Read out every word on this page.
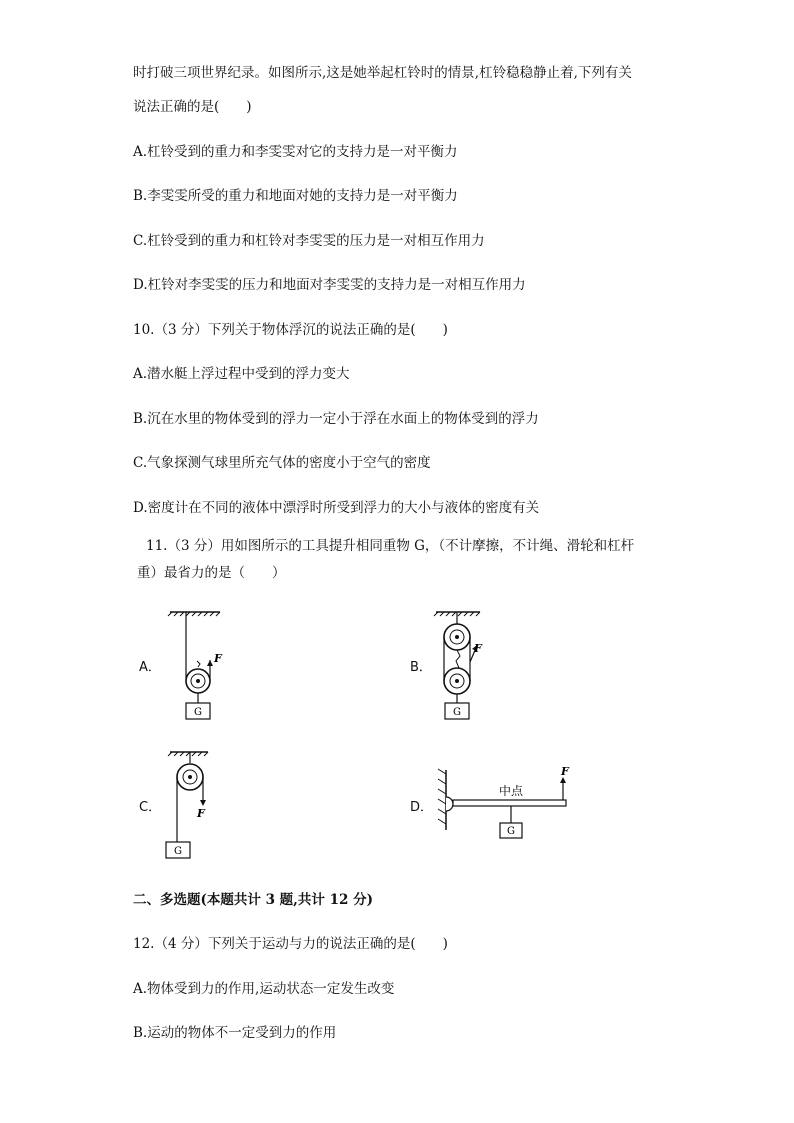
时打破三项世界纪录。如图所示,这是她举起杠铃时的情景,杠铃稳稳静止着,下列有关
说法正确的是(　　)
A.杠铃受到的重力和李雯雯对它的支持力是一对平衡力
B.李雯雯所受的重力和地面对她的支持力是一对平衡力
C.杠铃受到的重力和杠铃对李雯雯的压力是一对相互作用力
D.杠铃对李雯雯的压力和地面对李雯雯的支持力是一对相互作用力
10.（3 分）下列关于物体浮沉的说法正确的是(　　)
A.潜水艇上浮过程中受到的浮力变大
B.沉在水里的物体受到的浮力一定小于浮在水面上的物体受到的浮力
C.气象探测气球里所充气体的密度小于空气的密度
D.密度计在不同的液体中漂浮时所受到浮力的大小与液体的密度有关
11.（3 分）用如图所示的工具提升相同重物 G，（不计摩擦，不计绳、滑轮和杠杆
重）最省力的是（　　）
A．	B．
C．	D．
F
G
F
G
F
G
F
中点
G
二、多选题(本题共计 3 题,共计 12 分)
12.（4 分）下列关于运动与力的说法正确的是(　　)
A.物体受到力的作用,运动状态一定发生改变
B.运动的物体不一定受到力的作用
